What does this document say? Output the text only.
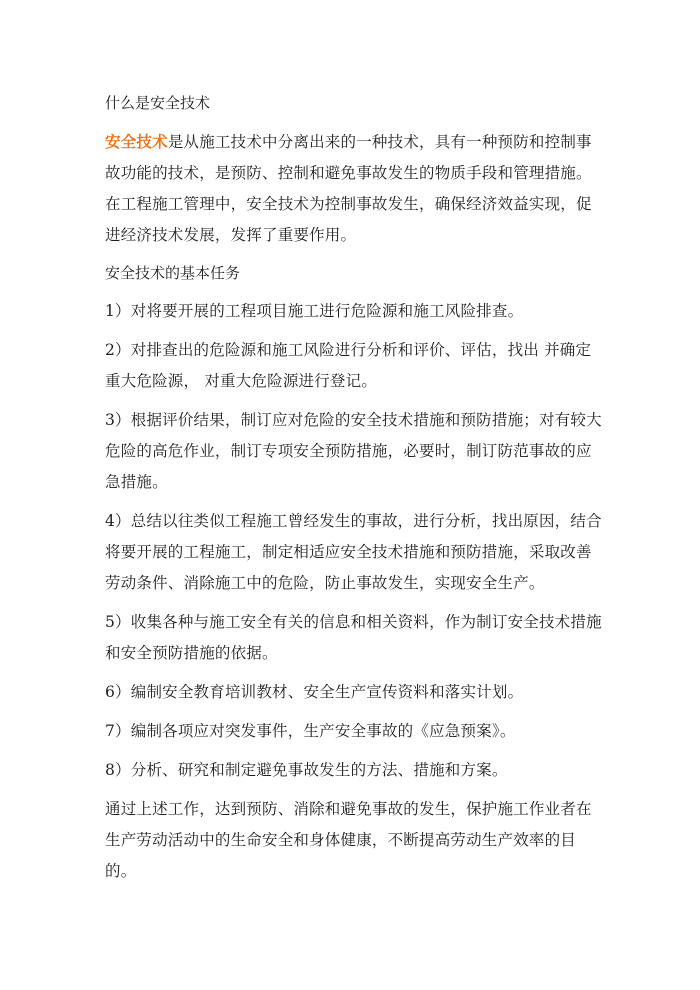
什么是安全技术

安全技术是从施工技术中分离出来的一种技术，具有一种预防和控制事故功能的技术，是预防、控制和避免事故发生的物质手段和管理措施。在工程施工管理中，安全技术为控制事故发生，确保经济效益实现，促进经济技术发展，发挥了重要作用。

安全技术的基本任务

1）对将要开展的工程项目施工进行危险源和施工风险排查。

2）对排查出的危险源和施工风险进行分析和评价、评估，找出 并确定重大危险源， 对重大危险源进行登记。

3）根据评价结果，制订应对危险的安全技术措施和预防措施；对有较大危险的高危作业，制订专项安全预防措施，必要时，制订防范事故的应急措施。

4）总结以往类似工程施工曾经发生的事故，进行分析，找出原因，结合将要开展的工程施工，制定相适应安全技术措施和预防措施，采取改善劳动条件、消除施工中的危险，防止事故发生，实现安全生产。

5）收集各种与施工安全有关的信息和相关资料，作为制订安全技术措施和安全预防措施的依据。

6）编制安全教育培训教材、安全生产宣传资料和落实计划。

7）编制各项应对突发事件，生产安全事故的《应急预案》。

8）分析、研究和制定避免事故发生的方法、措施和方案。

通过上述工作，达到预防、消除和避免事故的发生，保护施工作业者在生产劳动活动中的生命安全和身体健康，不断提高劳动生产效率的目的。
